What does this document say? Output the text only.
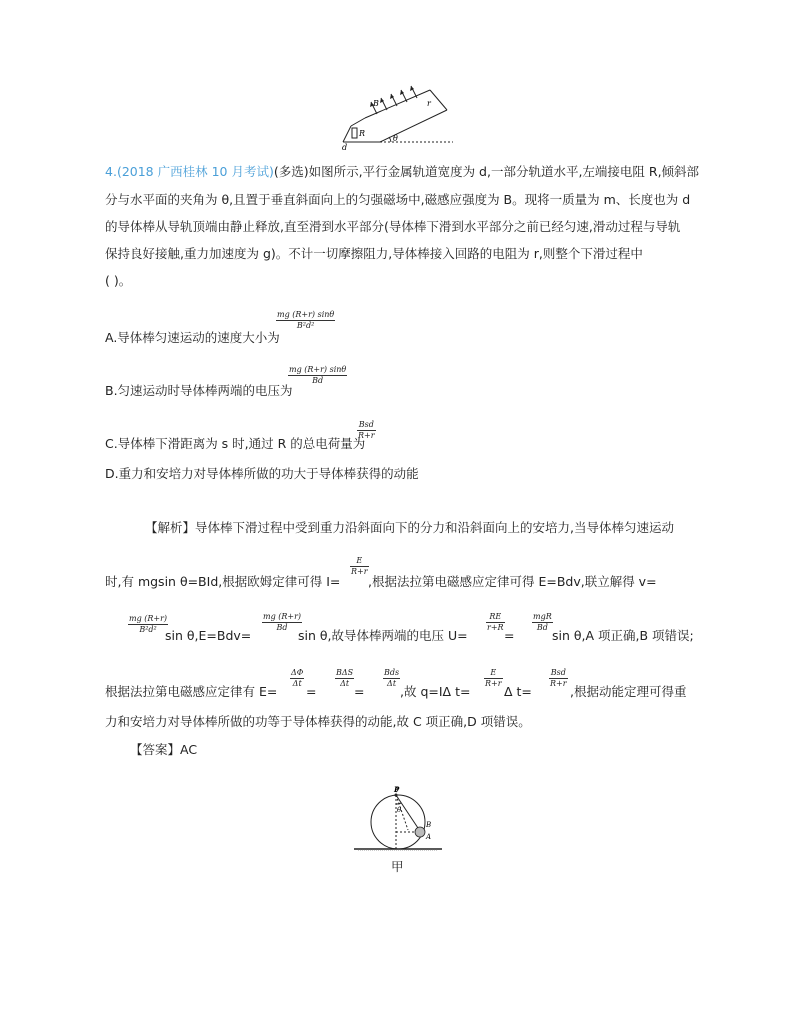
B	r
R
d
θ
4.(2018 广西桂林 10 月考试)(多选)如图所示,平行金属轨道宽度为 d,一部分轨道水平,左端接电阻 R,倾斜部
分与水平面的夹角为 θ,且置于垂直斜面向上的匀强磁场中,磁感应强度为 B。现将一质量为 m、长度也为 d
的导体棒从导轨顶端由静止释放,直至滑到水平部分(导体棒下滑到水平部分之前已经匀速,滑动过程与导轨
保持良好接触,重力加速度为 g)。不计一切摩擦阻力,导体棒接入回路的电阻为 r,则整个下滑过程中
( )。
A.导体棒匀速运动的速度大小为
$\frac{mg (R+r) \sin\theta}{\text{B²d²}}$
B.匀速运动时导体棒两端的电压为
$\frac{mg (R+r) \sin\theta}{Bd}$
C.导体棒下滑距离为 s 时,通过 R 的总电荷量为
Bsd
R+r
D.重力和安培力对导体棒所做的功大于导体棒获得的动能
【解析】导体棒下滑过程中受到重力沿斜面向下的分力和沿斜面向上的安培力,当导体棒匀速运动
时,有 mgsin θ=BId,根据欧姆定律可得 I=
$\frac{E}{R+r}$
,根据法拉第电磁感应定律可得 E=Bdv,联立解得 v=
$\frac{mg (R+r)}{\text{B²d²}}$
sin θ,E=Bdv=
$\frac{mg (R+r)}{Bd}$
sin θ,故导体棒两端的电压 U=
$\frac{RE}{r+R}$
=
mgR
Bd
sin θ,A 项正确,B 项错误;
根据法拉第电磁感应定律有 E=
$\frac{\Delta\Phi}{\Delta t}$
=
BΔS
Δt
=
Bds
Δt
,故 q=IΔ t=
$\frac{E}{R+r}$
Δ t=
Bsd
R+r
,根据动能定理可得重
力和安培力对导体棒所做的功等于导体棒获得的动能,故 C 项正确,D 项错误。
【答案】AC
P
θ
B
A
甲
